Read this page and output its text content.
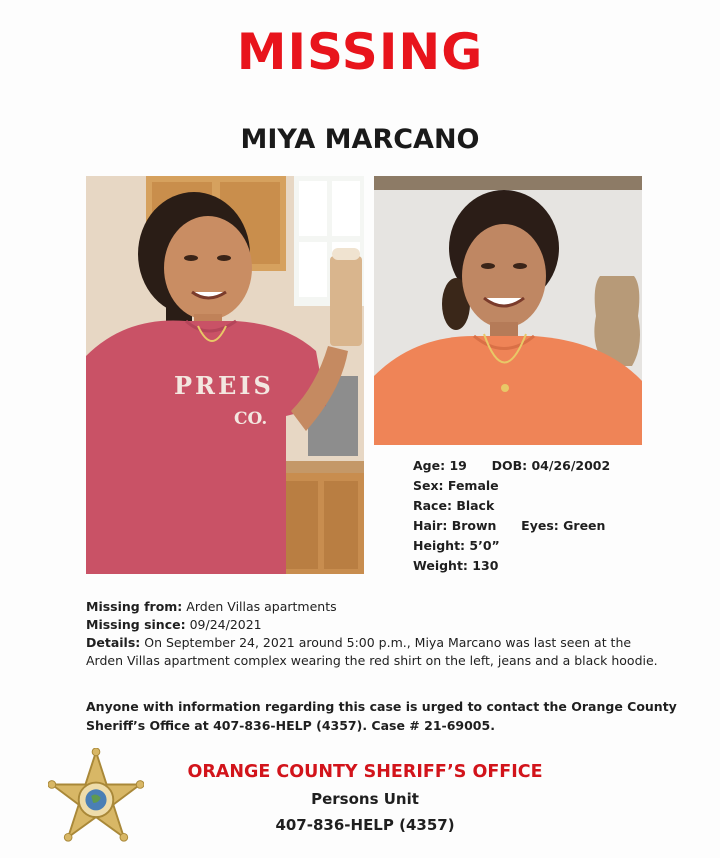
MISSING
MIYA MARCANO
PREIS
CO.
Age: 19 DOB: 04/26/2002
Sex: Female
Race: Black
Hair: Brown Eyes: Green
Height: 5’0”
Weight: 130

Missing from: Arden Villas apartments

Missing since: 09/24/2021

Details: On September 24, 2021 around 5:00 p.m., Miya Marcano was last seen at the

Arden Villas apartment complex wearing the red shirt on the left, jeans and a black hoodie.

Anyone with information regarding this case is urged to contact the Orange County
Sheriff’s Office at 407-836-HELP (4357). Case # 21-69005.
ORANGE COUNTY SHERIFF’S OFFICE
Persons Unit
407-836-HELP (4357)
